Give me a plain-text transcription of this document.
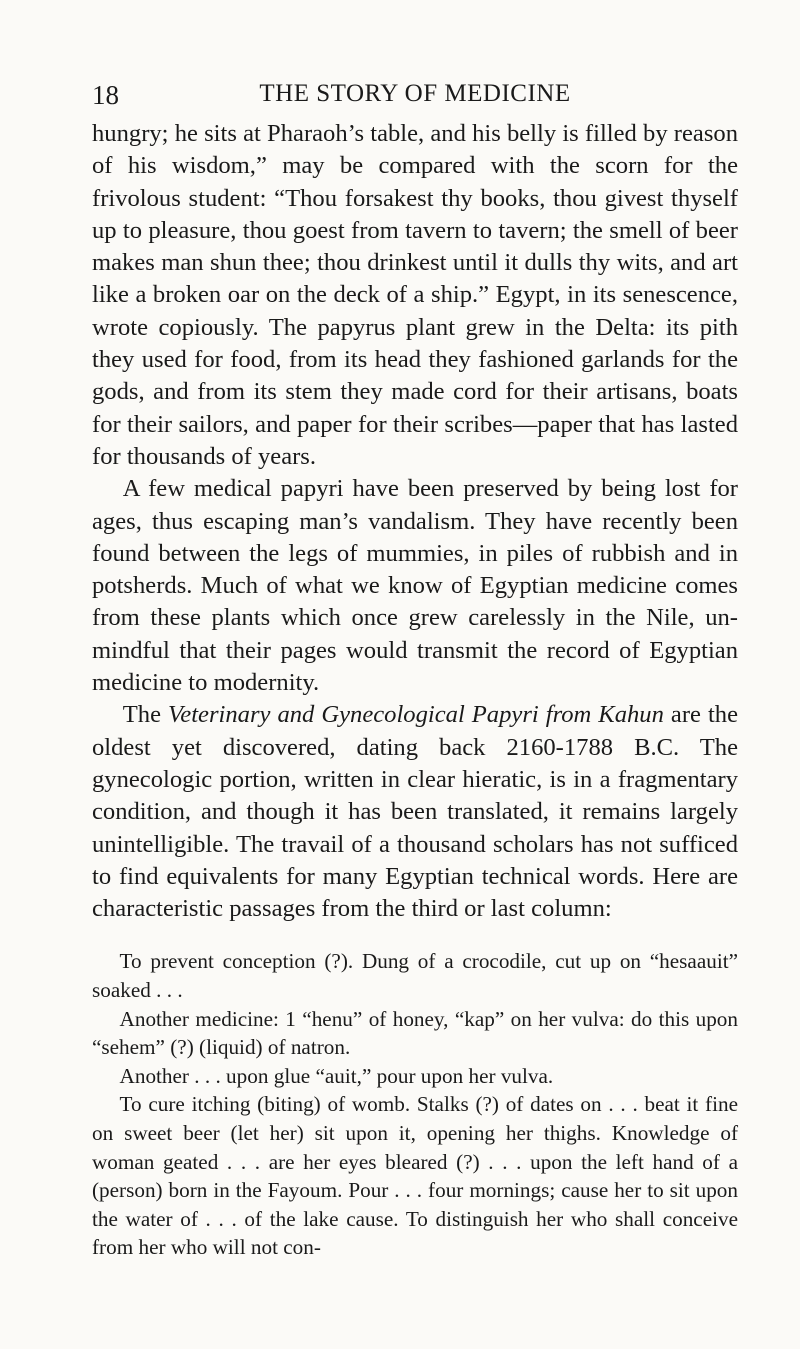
18	THE STORY OF MEDICINE

hungry; he sits at Pharaoh’s table, and his belly is filled by reason of his wisdom,” may be compared with the scorn for the frivolous student: “Thou forsakest thy books, thou givest thyself up to pleasure, thou goest from tavern to tavern; the smell of beer makes man shun thee; thou drinkest until it dulls thy wits, and art like a broken oar on the deck of a ship.” Egypt, in its senescence, wrote copiously. The papyrus plant grew in the Delta: its pith they used for food, from its head they fashioned garlands for the gods, and from its stem they made cord for their artisans, boats for their sailors, and paper for their scribes—paper that has lasted for thousands of years.

A few medical papyri have been preserved by being lost for ages, thus escaping man’s vandalism. They have recently been found between the legs of mummies, in piles of rubbish and in potsherds. Much of what we know of Egyptian medicine comes from these plants which once grew carelessly in the Nile, unmindful that their pages would transmit the record of Egyptian medicine to modernity.

The Veterinary and Gynecological Papyri from Kahun are the oldest yet discovered, dating back 2160-1788 B.C. The gynecologic portion, written in clear hieratic, is in a fragmentary condition, and though it has been translated, it remains largely unintelligible. The travail of a thousand scholars has not sufficed to find equivalents for many Egyptian technical words. Here are characteristic passages from the third or last column:

To prevent conception (?). Dung of a crocodile, cut up on “hesaauit” soaked . . .

Another medicine: 1 “henu” of honey, “kap” on her vulva: do this upon “sehem” (?) (liquid) of natron.

Another . . . upon glue “auit,” pour upon her vulva.

To cure itching (biting) of womb. Stalks (?) of dates on . . . beat it fine on sweet beer (let her) sit upon it, opening her thighs. Knowledge of woman geated . . . are her eyes bleared (?) . . . upon the left hand of a (person) born in the Fayoum. Pour . . . four mornings; cause her to sit upon the water of . . . of the lake cause. To distinguish her who shall conceive from her who will not con-
